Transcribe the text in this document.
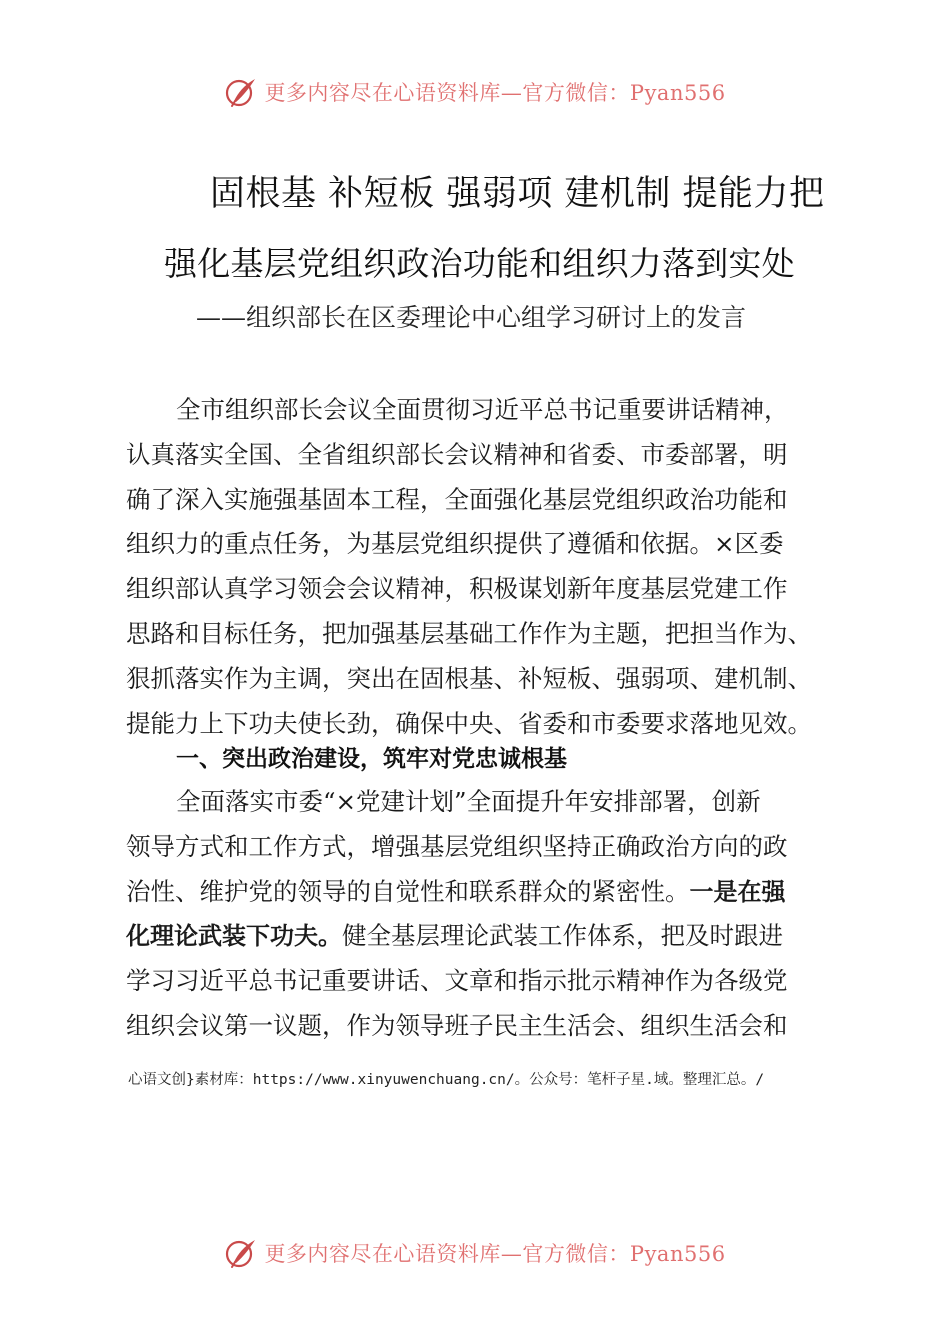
更多内容尽在心语资料库—官方微信：Pyan556
固根基 补短板 强弱项 建机制 提能力把
强化基层党组织政治功能和组织力落到实处
——组织部长在区委理论中心组学习研讨上的发言
全市组织部长会议全面贯彻习近平总书记重要讲话精神，
认真落实全国、全省组织部长会议精神和省委、市委部署，明
确了深入实施强基固本工程，全面强化基层党组织政治功能和
组织力的重点任务，为基层党组织提供了遵循和依据。×区委
组织部认真学习领会会议精神，积极谋划新年度基层党建工作
思路和目标任务，把加强基层基础工作作为主题，把担当作为、
狠抓落实作为主调，突出在固根基、补短板、强弱项、建机制、
提能力上下功夫使长劲，确保中央、省委和市委要求落地见效。
一、突出政治建设，筑牢对党忠诚根基
全面落实市委“×党建计划”全面提升年安排部署，创新
领导方式和工作方式，增强基层党组织坚持正确政治方向的政
治性、维护党的领导的自觉性和联系群众的紧密性。一是在强
化理论武装下功夫。健全基层理论武装工作体系，把及时跟进
学习习近平总书记重要讲话、文章和指示批示精神作为各级党
组织会议第一议题，作为领导班子民主生活会、组织生活会和
心语文创}素材库：https://www.xinyuwenchuang.cn/。公众号：笔杆子星.域。整理汇总。/
更多内容尽在心语资料库—官方微信：Pyan556
